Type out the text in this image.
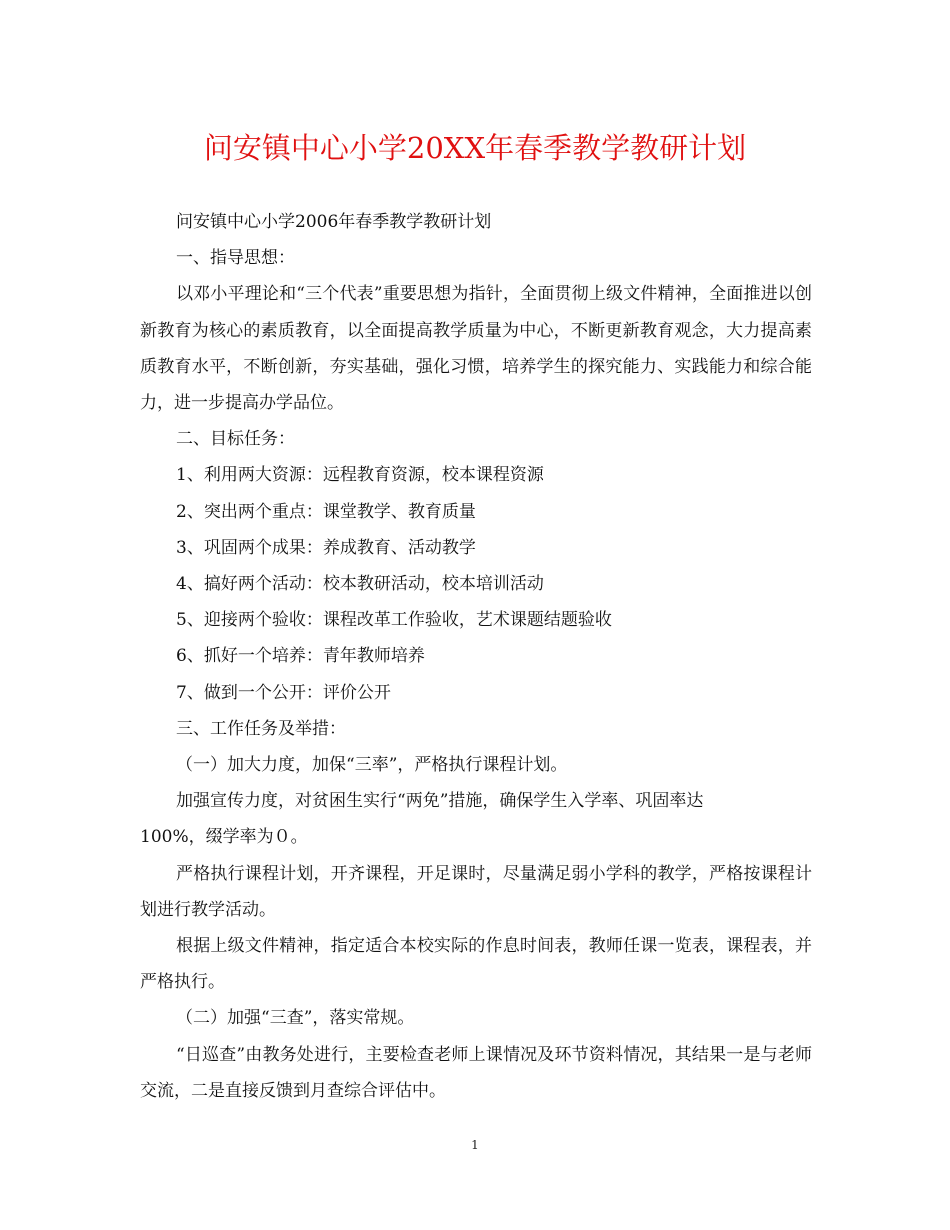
问安镇中心小学20XX年春季教学教研计划

问安镇中心小学2006年春季教学教研计划

一、指导思想：

以邓小平理论和“三个代表”重要思想为指针，全面贯彻上级文件精神，全面推进以创新教育为核心的素质教育，以全面提高教学质量为中心，不断更新教育观念，大力提高素质教育水平，不断创新，夯实基础，强化习惯，培养学生的探究能力、实践能力和综合能力，进一步提高办学品位。

二、目标任务：

1、利用两大资源：远程教育资源，校本课程资源

2、突出两个重点：课堂教学、教育质量

3、巩固两个成果：养成教育、活动教学

4、搞好两个活动：校本教研活动，校本培训活动

5、迎接两个验收：课程改革工作验收，艺术课题结题验收

6、抓好一个培养：青年教师培养

7、做到一个公开：评价公开

三、工作任务及举措：

（一）加大力度，加保“三率”，严格执行课程计划。

加强宣传力度，对贫困生实行“两免”措施，确保学生入学率、巩固率达

100%，缀学率为０。

严格执行课程计划，开齐课程，开足课时，尽量满足弱小学科的教学，严格按课程计划进行教学活动。

根据上级文件精神，指定适合本校实际的作息时间表，教师任课一览表，课程表，并严格执行。

（二）加强“三查”，落实常规。

“日巡查”由教务处进行，主要检查老师上课情况及环节资料情况，其结果一是与老师交流，二是直接反馈到月查综合评估中。

1
